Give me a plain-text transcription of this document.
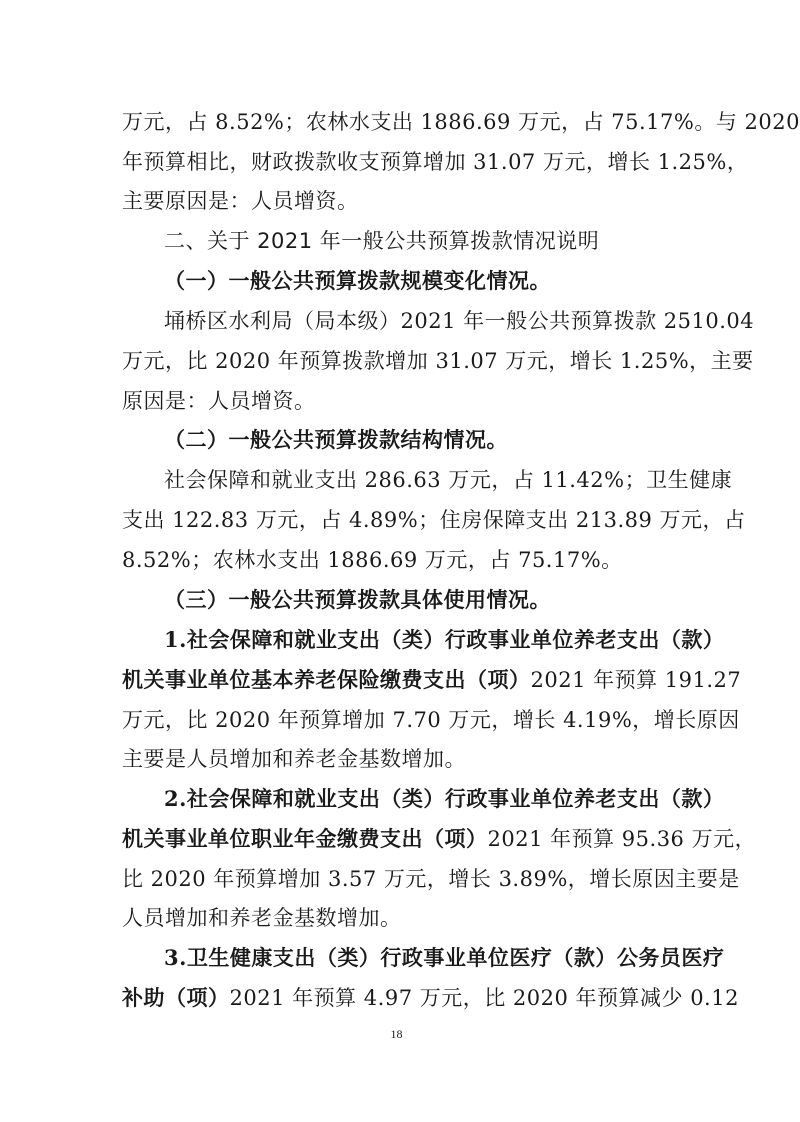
万元，占 8.52%；农林水支出 1886.69 万元，占 75.17%。与 2020
年预算相比，财政拨款收支预算增加 31.07 万元，增长 1.25%，
主要原因是：人员增资。
二、关于 2021 年一般公共预算拨款情况说明
（一）一般公共预算拨款规模变化情况。
埇桥区水利局（局本级）2021 年一般公共预算拨款 2510.04
万元，比 2020 年预算拨款增加 31.07 万元，增长 1.25%，主要
原因是：人员增资。
（二）一般公共预算拨款结构情况。
社会保障和就业支出 286.63 万元，占 11.42%；卫生健康
支出 122.83 万元，占 4.89%；住房保障支出 213.89 万元，占
8.52%；农林水支出 1886.69 万元，占 75.17%。
（三）一般公共预算拨款具体使用情况。
1.社会保障和就业支出（类）行政事业单位养老支出（款）
机关事业单位基本养老保险缴费支出（项）2021 年预算 191.27
万元，比 2020 年预算增加 7.70 万元，增长 4.19%，增长原因
主要是人员增加和养老金基数增加。
2.社会保障和就业支出（类）行政事业单位养老支出（款）
机关事业单位职业年金缴费支出（项）2021 年预算 95.36 万元，
比 2020 年预算增加 3.57 万元，增长 3.89%，增长原因主要是
人员增加和养老金基数增加。
3.卫生健康支出（类）行政事业单位医疗（款）公务员医疗
补助（项）2021 年预算 4.97 万元，比 2020 年预算减少 0.12
18
